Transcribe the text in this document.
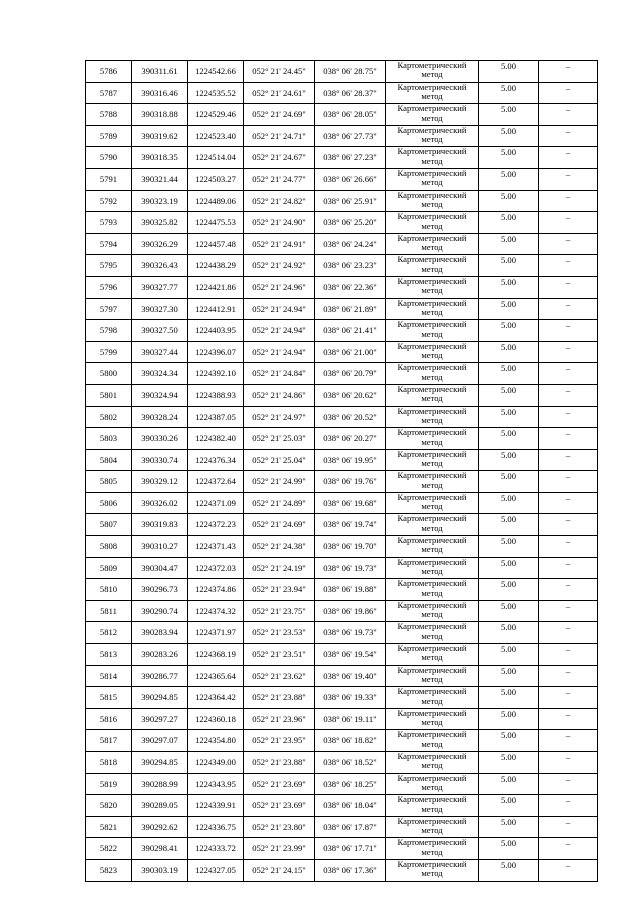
5786	390311.61	1224542.66	052° 21' 24.45"	038° 06' 28.75"	Картометрический
метод	5.00	–
5787	390316.46	1224535.52	052° 21' 24.61"	038° 06' 28.37"	Картометрический
метод	5.00	–
5788	390318.88	1224529.46	052° 21' 24.69"	038° 06' 28.05"	Картометрический
метод	5.00	–
5789	390319.62	1224523.40	052° 21' 24.71"	038° 06' 27.73"	Картометрический
метод	5.00	–
5790	390318.35	1224514.04	052° 21' 24.67"	038° 06' 27.23"	Картометрический
метод	5.00	–
5791	390321.44	1224503.27	052° 21' 24.77"	038° 06' 26.66"	Картометрический
метод	5.00	–
5792	390323.19	1224489.06	052° 21' 24.82"	038° 06' 25.91"	Картометрический
метод	5.00	–
5793	390325.82	1224475.53	052° 21' 24.90"	038° 06' 25.20"	Картометрический
метод	5.00	–
5794	390326.29	1224457.48	052° 21' 24.91"	038° 06' 24.24"	Картометрический
метод	5.00	–
5795	390326.43	1224438.29	052° 21' 24.92"	038° 06' 23.23"	Картометрический
метод	5.00	–
5796	390327.77	1224421.86	052° 21' 24.96"	038° 06' 22.36"	Картометрический
метод	5.00	–
5797	390327.30	1224412.91	052° 21' 24.94"	038° 06' 21.89"	Картометрический
метод	5.00	–
5798	390327.50	1224403.95	052° 21' 24.94"	038° 06' 21.41"	Картометрический
метод	5.00	–
5799	390327.44	1224396.07	052° 21' 24.94"	038° 06' 21.00"	Картометрический
метод	5.00	–
5800	390324.34	1224392.10	052° 21' 24.84"	038° 06' 20.79"	Картометрический
метод	5.00	–
5801	390324.94	1224388.93	052° 21' 24.86"	038° 06' 20.62"	Картометрический
метод	5.00	–
5802	390328.24	1224387.05	052° 21' 24.97"	038° 06' 20.52"	Картометрический
метод	5.00	–
5803	390330.26	1224382.40	052° 21' 25.03"	038° 06' 20.27"	Картометрический
метод	5.00	–
5804	390330.74	1224376.34	052° 21' 25.04"	038° 06' 19.95"	Картометрический
метод	5.00	–
5805	390329.12	1224372.64	052° 21' 24.99"	038° 06' 19.76"	Картометрический
метод	5.00	–
5806	390326.02	1224371.09	052° 21' 24.89"	038° 06' 19.68"	Картометрический
метод	5.00	–
5807	390319.83	1224372.23	052° 21' 24.69"	038° 06' 19.74"	Картометрический
метод	5.00	–
5808	390310.27	1224371.43	052° 21' 24.38"	038° 06' 19.70"	Картометрический
метод	5.00	–
5809	390304.47	1224372.03	052° 21' 24.19"	038° 06' 19.73"	Картометрический
метод	5.00	–
5810	390296.73	1224374.86	052° 21' 23.94"	038° 06' 19.88"	Картометрический
метод	5.00	–
5811	390290.74	1224374.32	052° 21' 23.75"	038° 06' 19.86"	Картометрический
метод	5.00	–
5812	390283.94	1224371.97	052° 21' 23.53"	038° 06' 19.73"	Картометрический
метод	5.00	–
5813	390283.26	1224368.19	052° 21' 23.51"	038° 06' 19.54"	Картометрический
метод	5.00	–
5814	390286.77	1224365.64	052° 21' 23.62"	038° 06' 19.40"	Картометрический
метод	5.00	–
5815	390294.85	1224364.42	052° 21' 23.88"	038° 06' 19.33"	Картометрический
метод	5.00	–
5816	390297.27	1224360.18	052° 21' 23.96"	038° 06' 19.11"	Картометрический
метод	5.00	–
5817	390297.07	1224354.80	052° 21' 23.95"	038° 06' 18.82"	Картометрический
метод	5.00	–
5818	390294.85	1224349.00	052° 21' 23.88"	038° 06' 18.52"	Картометрический
метод	5.00	–
5819	390288.99	1224343.95	052° 21' 23.69"	038° 06' 18.25"	Картометрический
метод	5.00	–
5820	390289.05	1224339.91	052° 21' 23.69"	038° 06' 18.04"	Картометрический
метод	5.00	–
5821	390292.62	1224336.75	052° 21' 23.80"	038° 06' 17.87"	Картометрический
метод	5.00	–
5822	390298.41	1224333.72	052° 21' 23.99"	038° 06' 17.71"	Картометрический
метод	5.00	–
5823	390303.19	1224327.05	052° 21' 24.15"	038° 06' 17.36"	Картометрический
метод	5.00	–
